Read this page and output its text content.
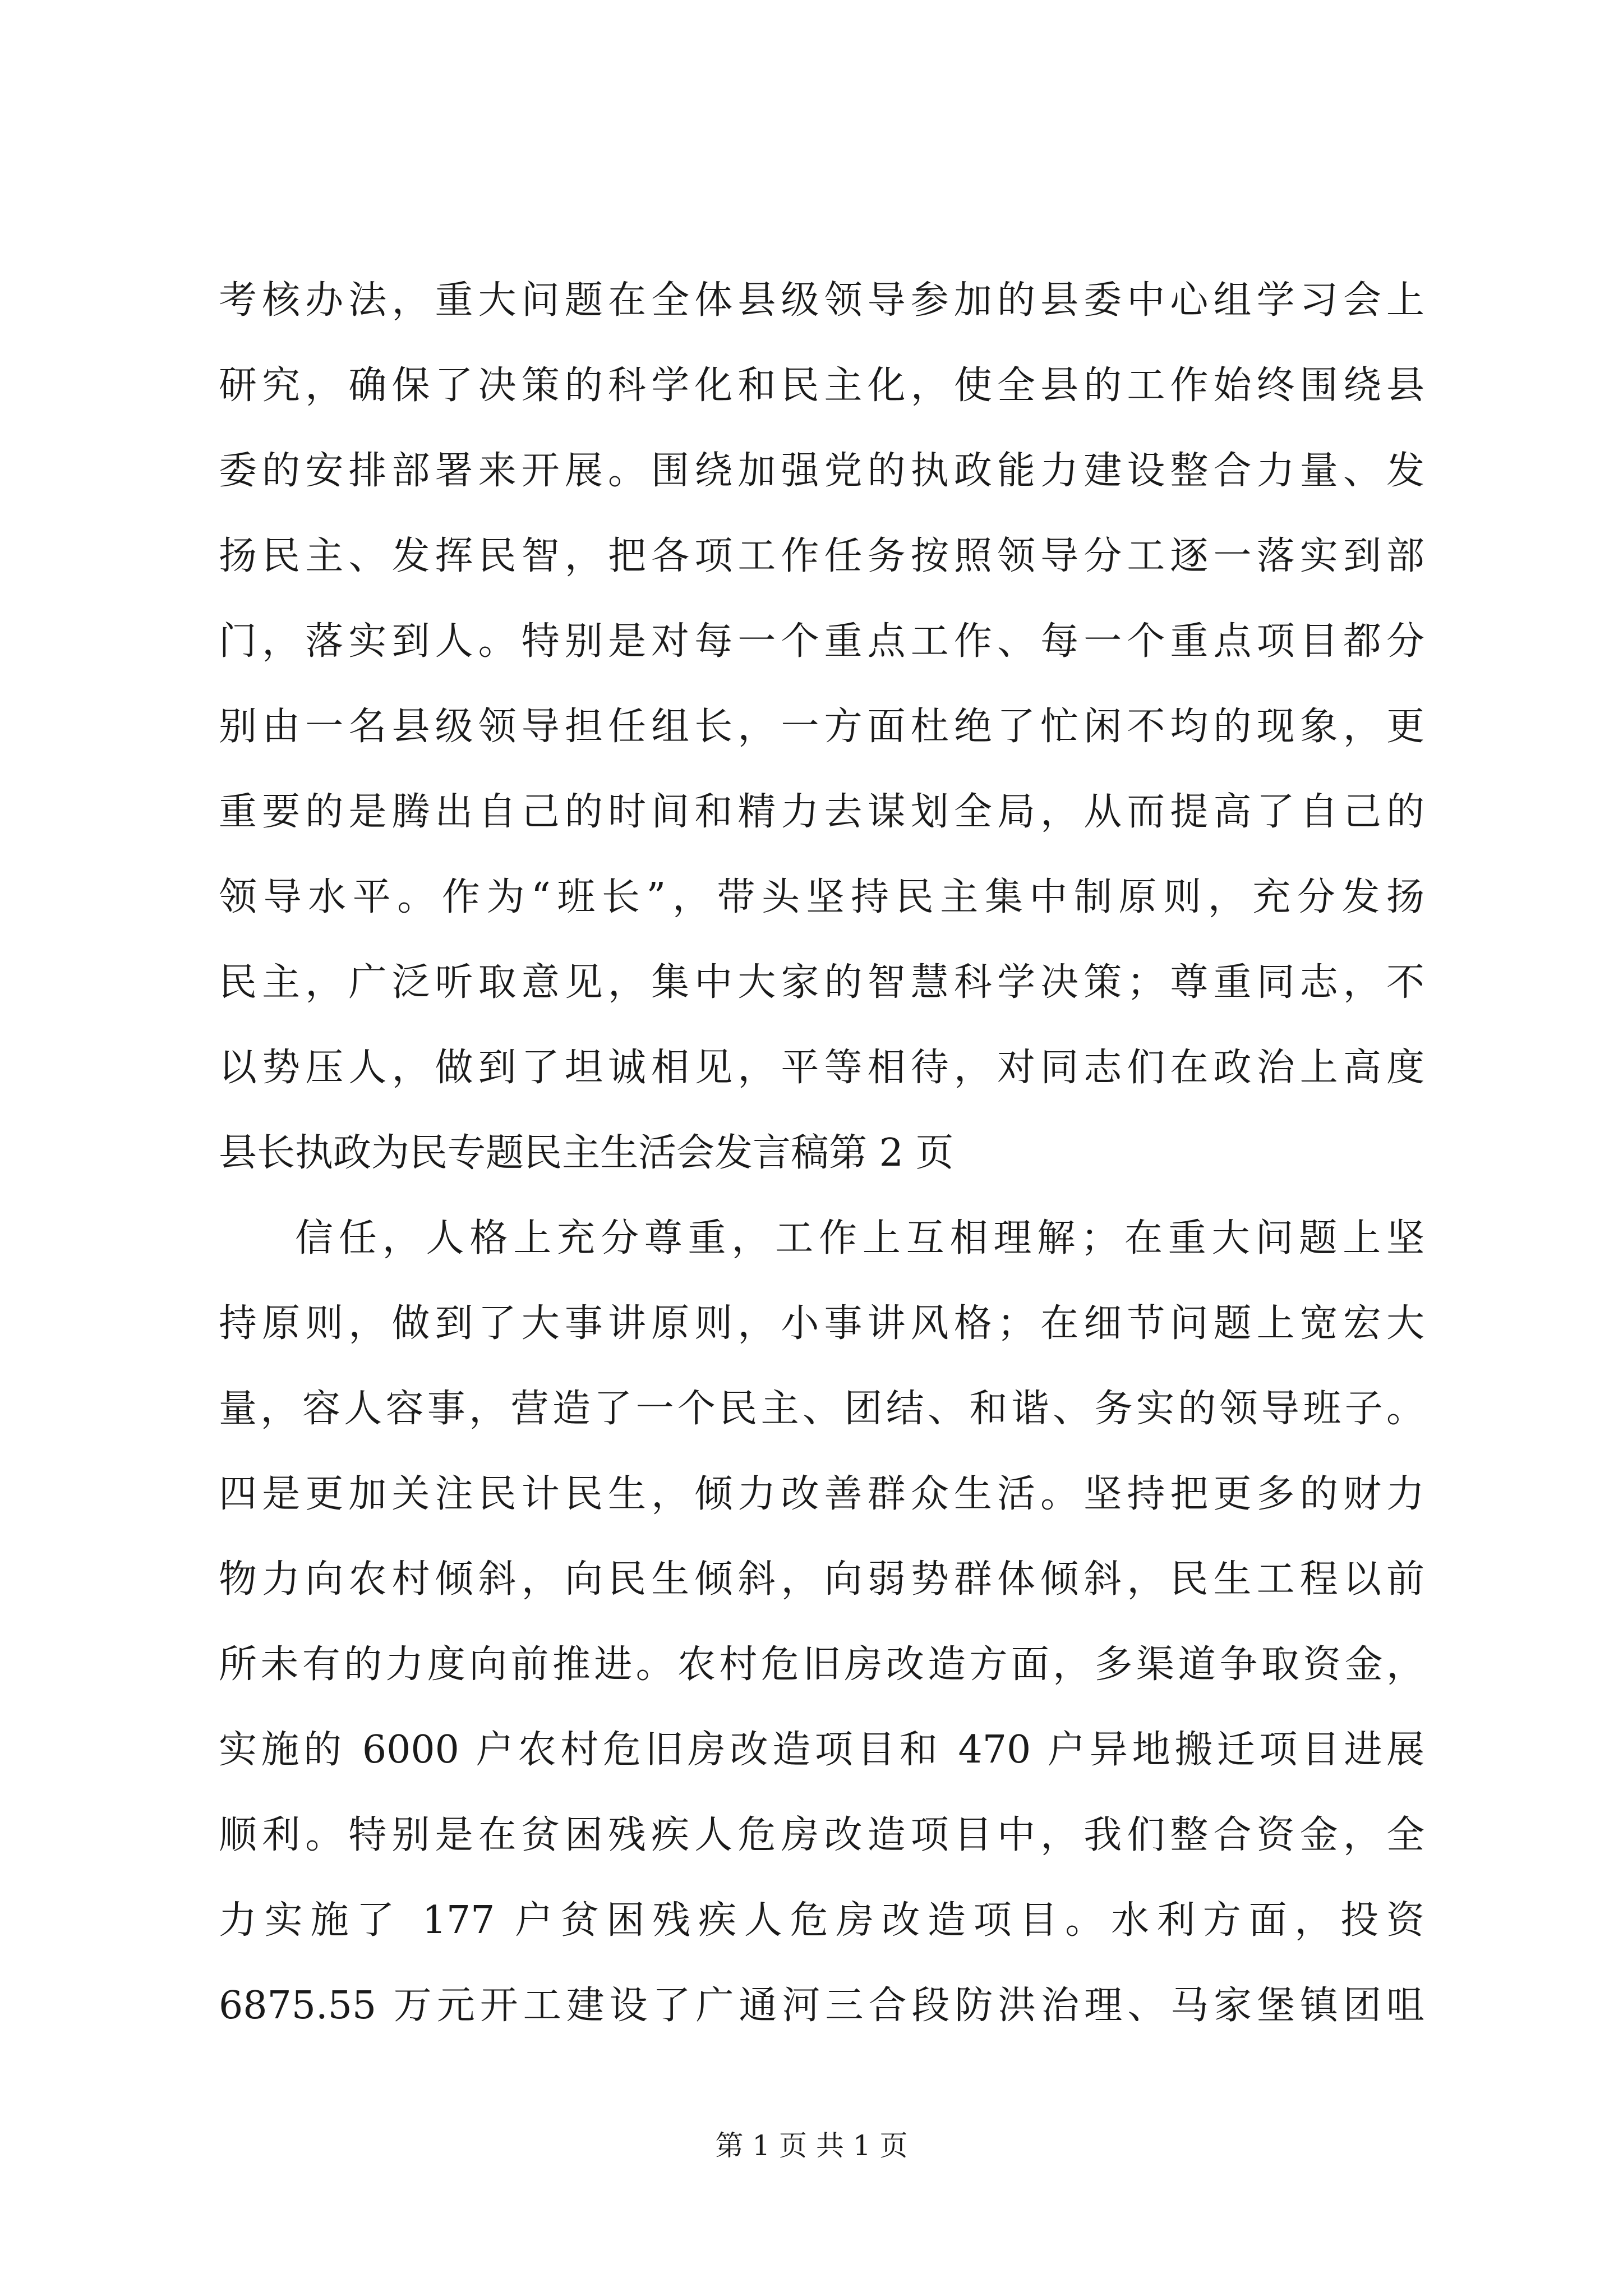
考核办法，重大问题在全体县级领导参加的县委中心组学习会上
研究，确保了决策的科学化和民主化，使全县的工作始终围绕县
委的安排部署来开展。围绕加强党的执政能力建设整合力量、发
扬民主、发挥民智，把各项工作任务按照领导分工逐一落实到部
门，落实到人。特别是对每一个重点工作、每一个重点项目都分
别由一名县级领导担任组长，一方面杜绝了忙闲不均的现象，更
重要的是腾出自己的时间和精力去谋划全局，从而提高了自己的
领导水平。作为“班长”，带头坚持民主集中制原则，充分发扬
民主，广泛听取意见，集中大家的智慧科学决策；尊重同志，不
以势压人，做到了坦诚相见，平等相待，对同志们在政治上高度
县长执政为民专题民主生活会发言稿第 2 页
信任，人格上充分尊重，工作上互相理解；在重大问题上坚
持原则，做到了大事讲原则，小事讲风格；在细节问题上宽宏大
量，容人容事，营造了一个民主、团结、和谐、务实的领导班子。
四是更加关注民计民生，倾力改善群众生活。坚持把更多的财力
物力向农村倾斜，向民生倾斜，向弱势群体倾斜，民生工程以前
所未有的力度向前推进。农村危旧房改造方面，多渠道争取资金，
实施的 6000 户农村危旧房改造项目和 470 户异地搬迁项目进展
顺利。特别是在贫困残疾人危房改造项目中，我们整合资金，全
力实施了 177 户贫困残疾人危房改造项目。水利方面，投资
6875.55 万元开工建设了广通河三合段防洪治理、马家堡镇团咀
第 1 页 共 1 页
